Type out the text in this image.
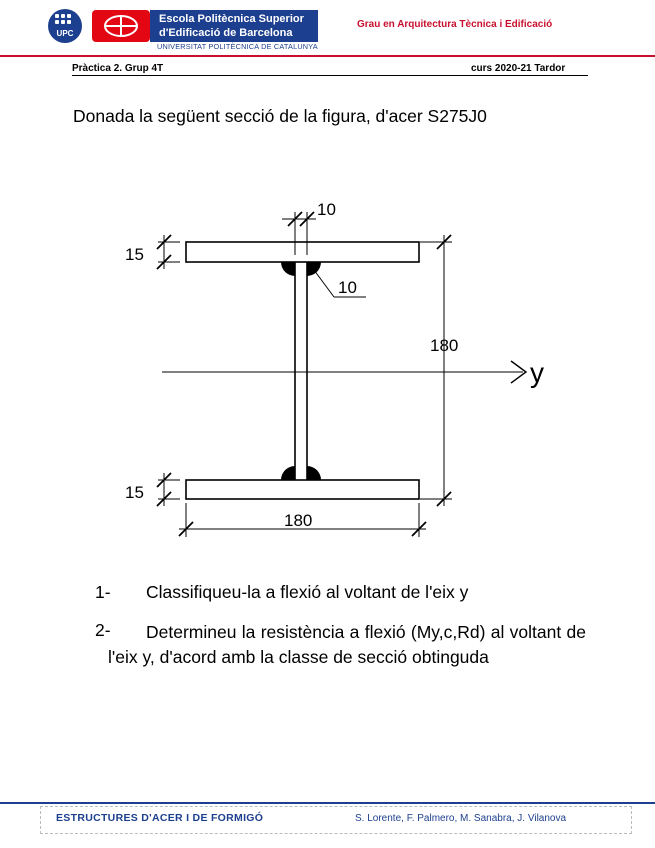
UPC
Escola Politècnica Superior
d'Edificació de Barcelona
UNIVERSITAT POLITÈCNICA DE CATALUNYA
Grau en Arquitectura Tècnica i Edificació
Pràctica 2. Grup 4T	curs 2020-21 Tardor
Donada la següent secció de la figura, d'acer S275J0
10
10
15
15
180
180
y
1- Classifiqueu-la a flexió al voltant de l'eix y
2-	Determineu la resistència a flexió (My,c,Rd) al voltant de l'eix y, d'acord amb la classe de secció obtinguda
ESTRUCTURES D'ACER I DE FORMIGÓ	S. Lorente, F. Palmero, M. Sanabra, J. Vilanova
